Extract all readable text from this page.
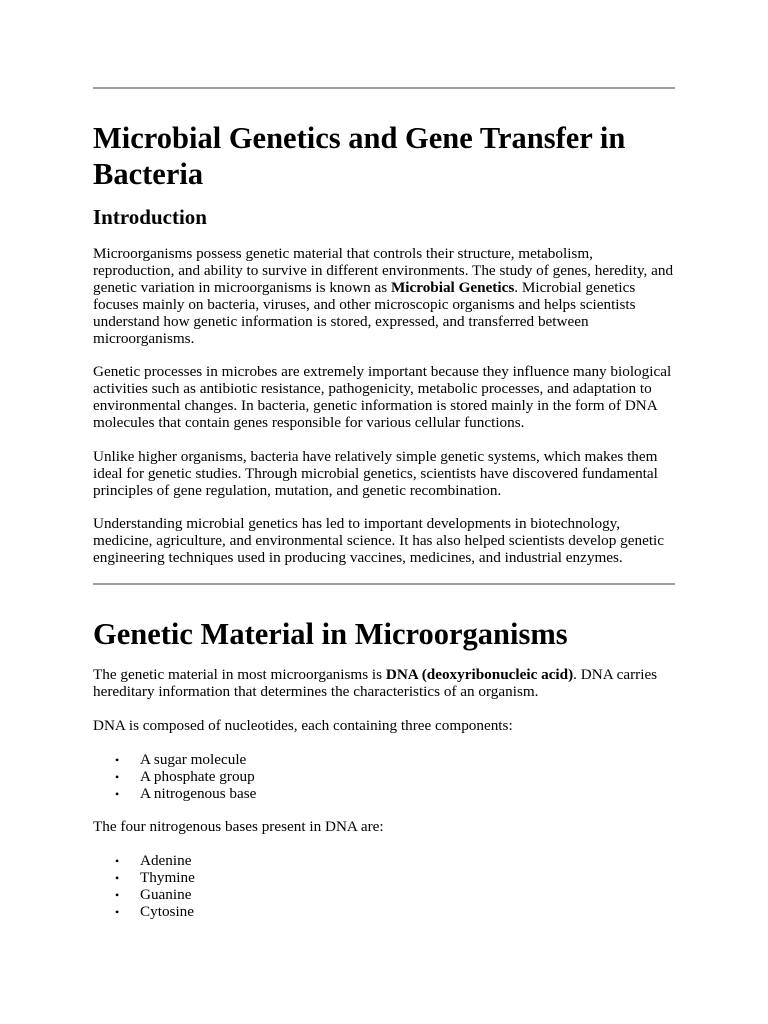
Microbial Genetics and Gene Transfer in Bacteria
Introduction

Microorganisms possess genetic material that controls their structure, metabolism, reproduction, and ability to survive in different environments. The study of genes, heredity, and genetic variation in microorganisms is known as Microbial Genetics. Microbial genetics focuses mainly on bacteria, viruses, and other microscopic organisms and helps scientists understand how genetic information is stored, expressed, and transferred between microorganisms.

Genetic processes in microbes are extremely important because they influence many biological activities such as antibiotic resistance, pathogenicity, metabolic processes, and adaptation to environmental changes. In bacteria, genetic information is stored mainly in the form of DNA molecules that contain genes responsible for various cellular functions.

Unlike higher organisms, bacteria have relatively simple genetic systems, which makes them ideal for genetic studies. Through microbial genetics, scientists have discovered fundamental principles of gene regulation, mutation, and genetic recombination.

Understanding microbial genetics has led to important developments in biotechnology, medicine, agriculture, and environmental science. It has also helped scientists develop genetic engineering techniques used in producing vaccines, medicines, and industrial enzymes.

Genetic Material in Microorganisms

The genetic material in most microorganisms is DNA (deoxyribonucleic acid). DNA carries hereditary information that determines the characteristics of an organism.

DNA is composed of nucleotides, each containing three components:

• A sugar molecule
• A phosphate group
• A nitrogenous base

The four nitrogenous bases present in DNA are:

• Adenine
• Thymine
• Guanine
• Cytosine
